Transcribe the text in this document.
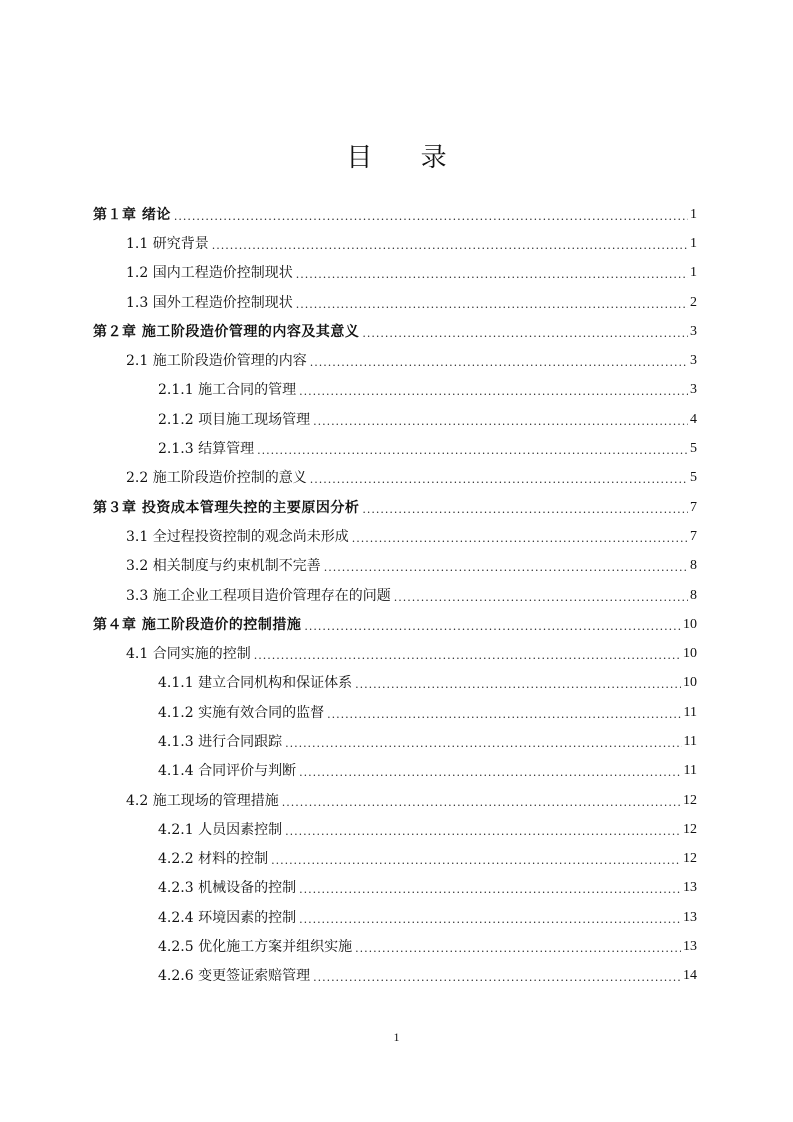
目 录
第１章 绪论 .....	1
1.1 研究背景 .....	1
1.2 国内工程造价控制现状 .....	1
1.3 国外工程造价控制现状 .....	2
第２章 施工阶段造价管理的内容及其意义 .....	3
2.1 施工阶段造价管理的内容 .....	3
2.1.1 施工合同的管理 .....	3
2.1.2 项目施工现场管理 .....	4
2.1.3 结算管理 .....	5
2.2 施工阶段造价控制的意义 .....	5
第３章 投资成本管理失控的主要原因分析 .....	7
3.1 全过程投资控制的观念尚未形成 .....	7
3.2 相关制度与约束机制不完善 .....	8
3.3 施工企业工程项目造价管理存在的问题 .....	8
第４章 施工阶段造价的控制措施 .....	10
4.1 合同实施的控制 .....	10
4.1.1 建立合同机构和保证体系 .....	10
4.1.2 实施有效合同的监督 .....	11
4.1.3 进行合同跟踪 .....	11
4.1.4 合同评价与判断 .....	11
4.2 施工现场的管理措施 .....	12
4.2.1 人员因素控制 .....	12
4.2.2 材料的控制 .....	12
4.2.3 机械设备的控制 .....	13
4.2.4 环境因素的控制 .....	13
4.2.5 优化施工方案并组织实施 .....	13
4.2.6 变更签证索赔管理 .....	14
1
